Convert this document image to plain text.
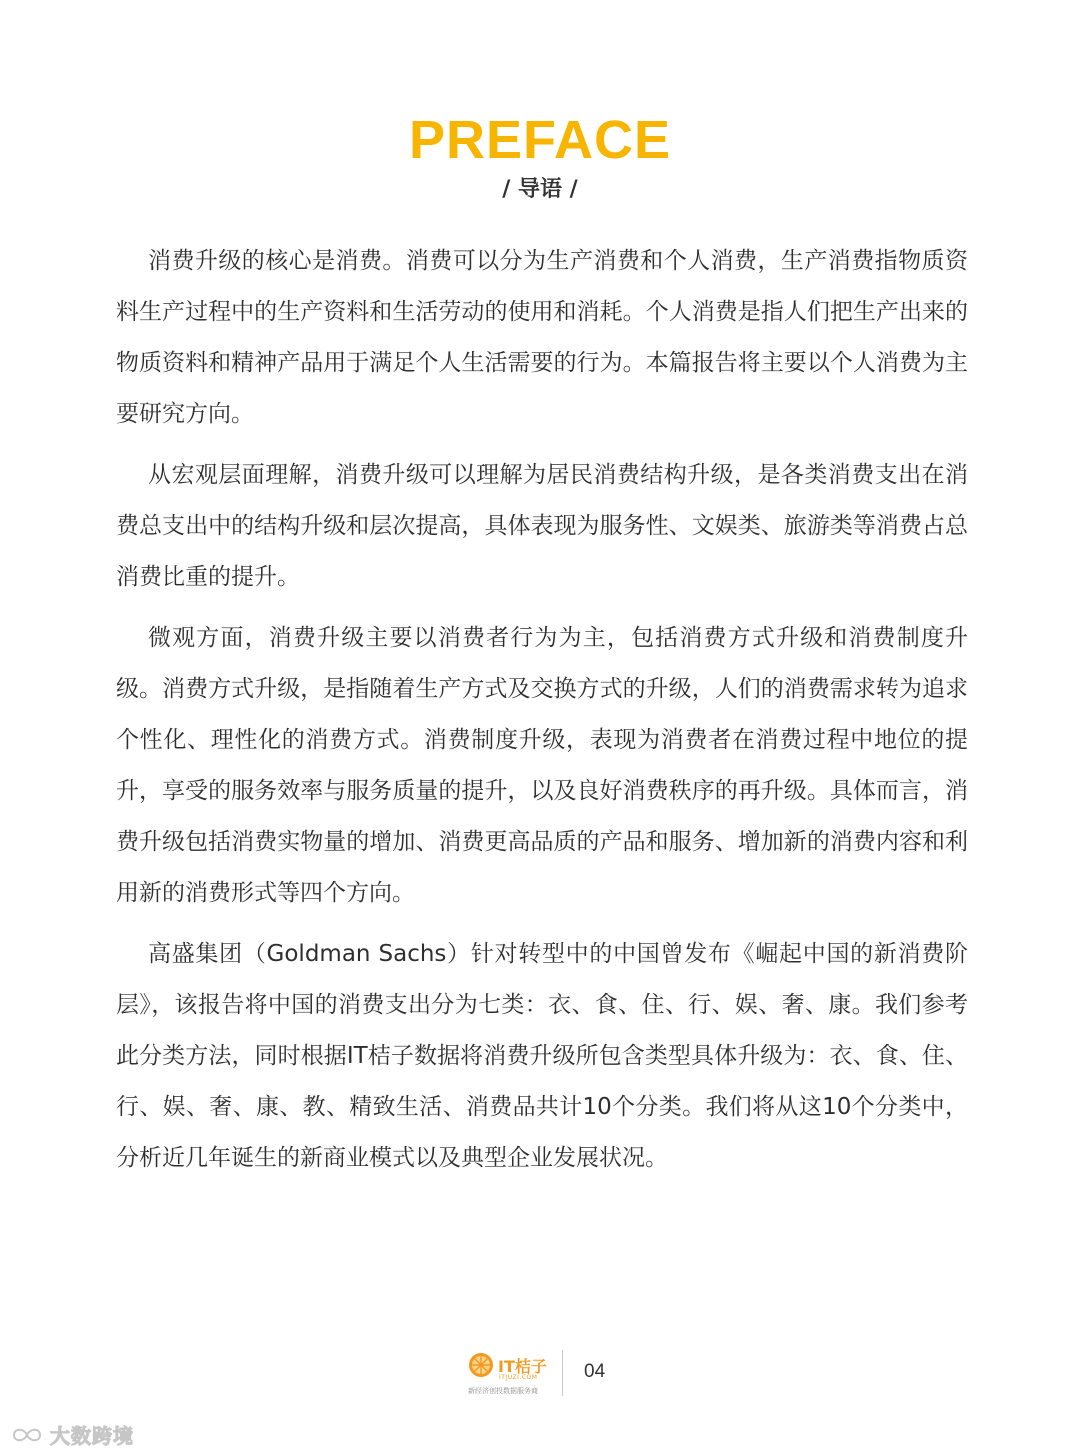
PREFACE
/ 导语 /

消费升级的核心是消费。消费可以分为生产消费和个人消费，生产消费指物质资料生产过程中的生产资料和生活劳动的使用和消耗。个人消费是指人们把生产出来的物质资料和精神产品用于满足个人生活需要的行为。本篇报告将主要以个人消费为主要研究方向。

从宏观层面理解，消费升级可以理解为居民消费结构升级，是各类消费支出在消费总支出中的结构升级和层次提高，具体表现为服务性、文娱类、旅游类等消费占总消费比重的提升。

微观方面，消费升级主要以消费者行为为主，包括消费方式升级和消费制度升级。消费方式升级，是指随着生产方式及交换方式的升级，人们的消费需求转为追求个性化、理性化的消费方式。消费制度升级，表现为消费者在消费过程中地位的提升，享受的服务效率与服务质量的提升，以及良好消费秩序的再升级。具体而言，消费升级包括消费实物量的增加、消费更高品质的产品和服务、增加新的消费内容和利用新的消费形式等四个方向。

高盛集团（Goldman Sachs）针对转型中的中国曾发布《崛起中国的新消费阶层》，该报告将中国的消费支出分为七类：衣、食、住、行、娱、奢、康。我们参考此分类方法，同时根据IT桔子数据将消费升级所包含类型具体升级为：衣、食、住、行、娱、奢、康、教、精致生活、消费品共计10个分类。我们将从这10个分类中，分析近几年诞生的新商业模式以及典型企业发展状况。

IT桔子
ITJUZI.COM
新经济创投数据服务商
04
大数跨境
